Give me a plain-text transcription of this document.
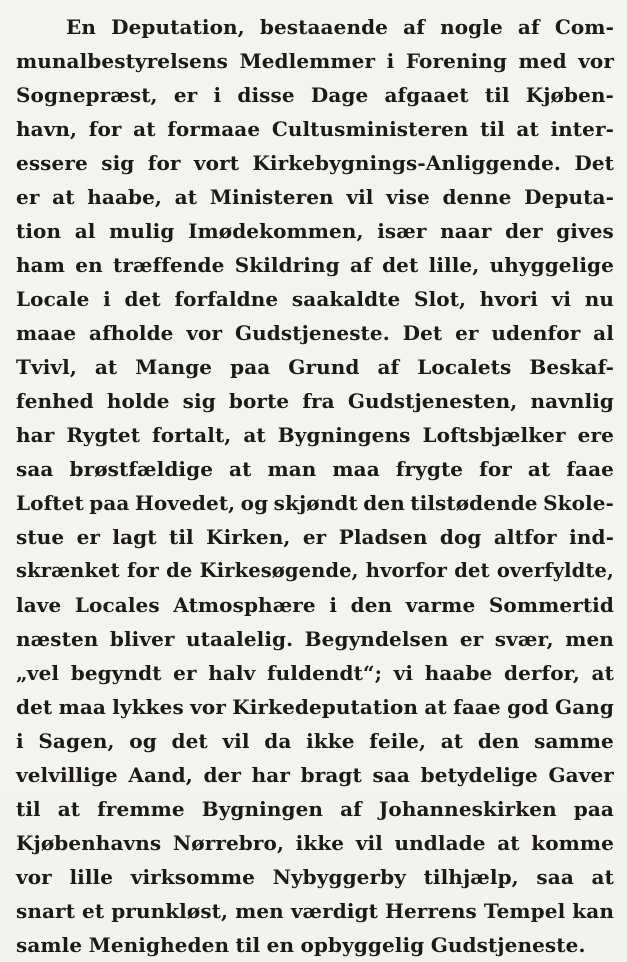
En Deputation, bestaaende af nogle af Com-
munalbestyrelsens Medlemmer i Forening med vor
Sognepræst, er i disse Dage afgaaet til Kjøben-
havn, for at formaae Cultusministeren til at inter-
essere sig for vort Kirkebygnings-Anliggende. Det
er at haabe, at Ministeren vil vise denne Deputa-
tion al mulig Imødekommen, især naar der gives
ham en træffende Skildring af det lille, uhyggelige
Locale i det forfaldne saakaldte Slot, hvori vi nu
maae afholde vor Gudstjeneste. Det er udenfor al
Tvivl, at Mange paa Grund af Localets Beskaf-
fenhed holde sig borte fra Gudstjenesten, navnlig
har Rygtet fortalt, at Bygningens Loftsbjælker ere
saa brøstfældige at man maa frygte for at faae
Loftet paa Hovedet, og skjøndt den tilstødende Skole-
stue er lagt til Kirken, er Pladsen dog altfor ind-
skrænket for de Kirkesøgende, hvorfor det overfyldte,
lave Locales Atmosphære i den varme Sommertid
næsten bliver utaalelig. Begyndelsen er svær, men
„vel begyndt er halv fuldendt“; vi haabe derfor, at
det maa lykkes vor Kirkedeputation at faae god Gang
i Sagen, og det vil da ikke feile, at den samme
velvillige Aand, der har bragt saa betydelige Gaver
til at fremme Bygningen af Johanneskirken paa
Kjøbenhavns Nørrebro, ikke vil undlade at komme
vor lille virksomme Nybyggerby tilhjælp, saa at
snart et prunkløst, men værdigt Herrens Tempel kan
samle Menigheden til en opbyggelig Gudstjeneste.
